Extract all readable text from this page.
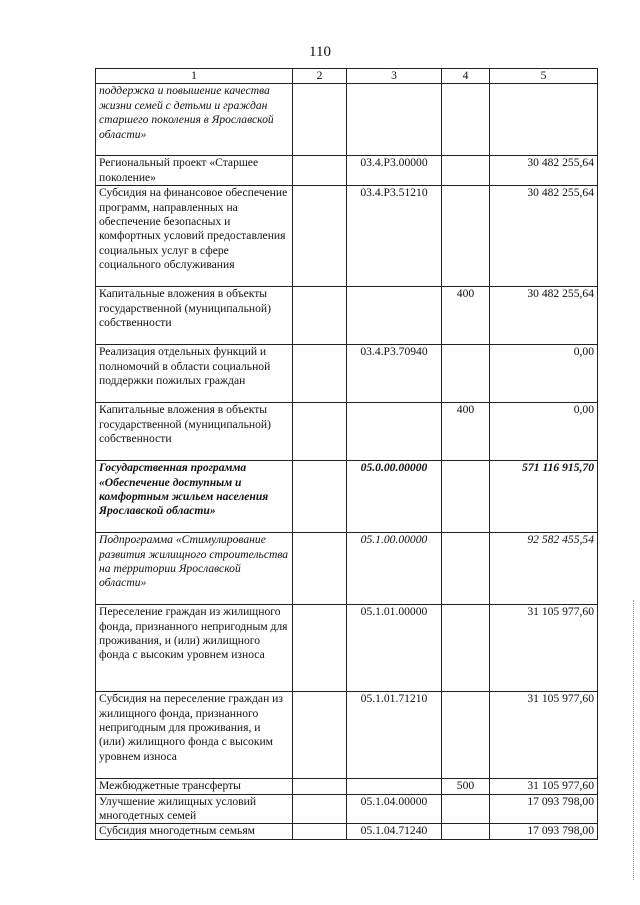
110
1	2	3	4	5
поддержка и повышение качества жизни семей с детьми и граждан старшего поколения в Ярославской области»				
Региональный проект «Старшее поколение»		03.4.P3.00000		30 482 255,64
Субсидия на финансовое обеспечение программ, направленных на обеспечение безопасных и комфортных условий предоставления социальных услуг в сфере социального обслуживания		03.4.P3.51210		30 482 255,64
Капитальные вложения в объекты государственной (муниципальной) собственности			400	30 482 255,64
Реализация отдельных функций и полномочий в области социальной поддержки пожилых граждан		03.4.P3.70940		0,00
Капитальные вложения в объекты государственной (муниципальной) собственности			400	0,00
Государственная программа «Обеспечение доступным и комфортным жильем населения Ярославской области»		05.0.00.00000		571 116 915,70
Подпрограмма «Стимулирование развития жилищного строительства на территории Ярославской области»		05.1.00.00000		92 582 455,54
Переселение граждан из жилищного фонда, признанного непригодным для проживания, и (или) жилищного фонда с высоким уровнем износа		05.1.01.00000		31 105 977,60
Субсидия на переселение граждан из жилищного фонда, признанного непригодным для проживания, и (или) жилищного фонда с высоким уровнем износа		05.1.01.71210		31 105 977,60
Межбюджетные трансферты			500	31 105 977,60
Улучшение жилищных условий многодетных семей		05.1.04.00000		17 093 798,00
Субсидия многодетным семьям		05.1.04.71240		17 093 798,00
